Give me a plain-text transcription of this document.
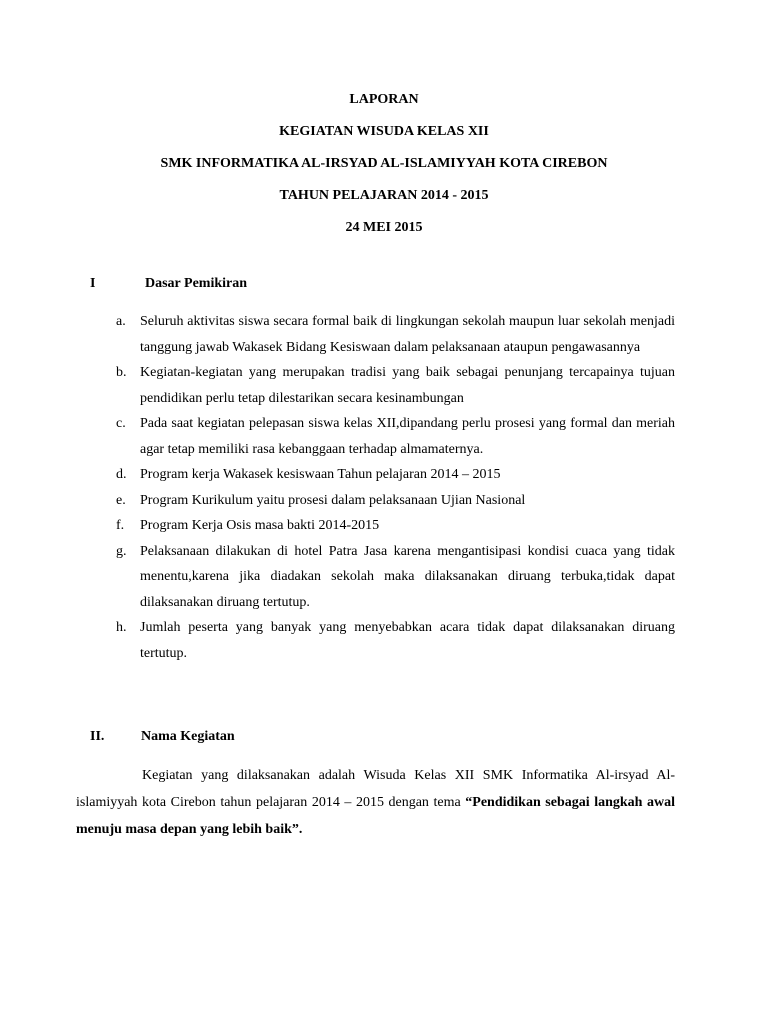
LAPORAN

KEGIATAN WISUDA KELAS XII

SMK INFORMATIKA AL-IRSYAD AL-ISLAMIYYAH KOTA CIREBON

TAHUN PELAJARAN 2014 - 2015

24 MEI 2015

I	Dasar Pemikiran
a. Seluruh aktivitas siswa secara formal baik di lingkungan sekolah maupun luar sekolah menjadi tanggung jawab Wakasek Bidang Kesiswaan dalam pelaksanaan ataupun pengawasannya
b. Kegiatan-kegiatan yang merupakan tradisi yang baik sebagai penunjang tercapainya tujuan pendidikan perlu tetap dilestarikan secara kesinambungan
c. Pada saat kegiatan pelepasan siswa kelas XII,dipandang perlu prosesi yang formal dan meriah agar tetap memiliki rasa kebanggaan terhadap almamaternya.
d. Program kerja Wakasek kesiswaan Tahun pelajaran 2014 – 2015
e. Program Kurikulum yaitu prosesi dalam pelaksanaan Ujian Nasional
f. Program Kerja Osis masa bakti 2014-2015
g. Pelaksanaan dilakukan di hotel Patra Jasa karena mengantisipasi kondisi cuaca yang tidak menentu,karena jika diadakan sekolah maka dilaksanakan diruang terbuka,tidak dapat dilaksanakan diruang tertutup.
h. Jumlah peserta yang banyak yang menyebabkan acara tidak dapat dilaksanakan diruang tertutup.
II.	Nama Kegiatan

Kegiatan yang dilaksanakan adalah Wisuda Kelas XII SMK Informatika Al-irsyad Al-islamiyyah kota Cirebon tahun pelajaran 2014 – 2015 dengan tema “Pendidikan sebagai langkah awal menuju masa depan yang lebih baik”.
